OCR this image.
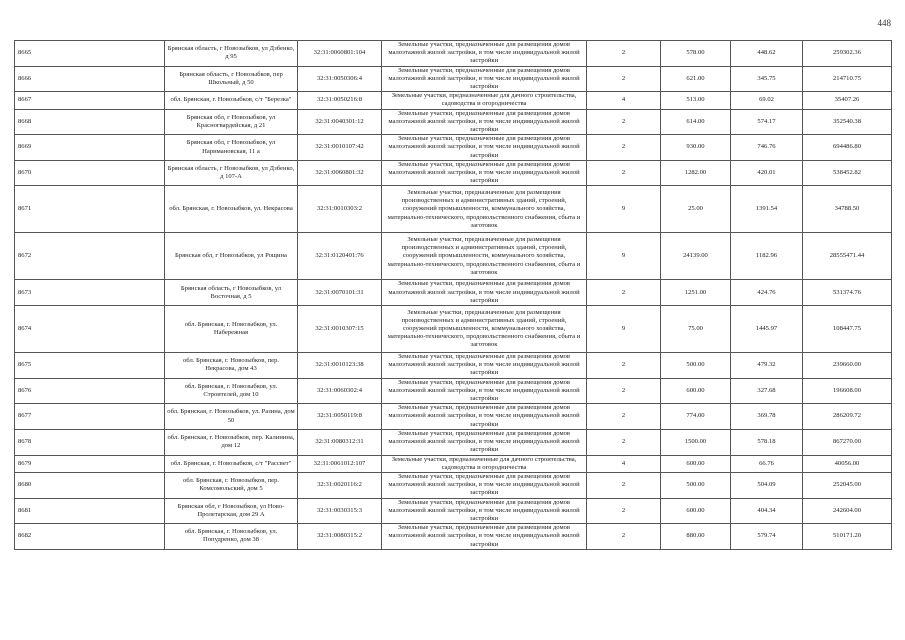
448
8665	Брянская область, г Новозыбков, ул Дзбенко, д 95	32:31:0060801:104	Земельные участки, предназначенные для размещения домов малоэтажной жилой застройки, в том числе индивидуальной жилой застройки	2	578.00	448.62	259302.36
8666	Брянская область, г Новозыбков, пер Школьный, д 50	32:31:0050306:4	Земельные участки, предназначенные для размещения домов малоэтажной жилой застройки, в том числе индивидуальной жилой застройки	2	621.00	345.75	214710.75
8667	обл. Брянская, г. Новозыбков, с/т "Березка"	32:31:0050216:8	Земельные участки, предназначенные для дачного строительства, садоводства и огородничества	4	513.00	69.02	35407.26
8668	Брянская обл, г Новозыбков, ул Красногвардейская, д 21	32:31:0040301:12	Земельные участки, предназначенные для размещения домов малоэтажной жилой застройки, в том числе индивидуальной жилой застройки	2	614.00	574.17	352540.38
8669	Брянская обл, г Новозыбков, ул Наримановская, 11 а	32:31:0010107:42	Земельные участки, предназначенные для размещения домов малоэтажной жилой застройки, в том числе индивидуальной жилой застройки	2	930.00	746.76	694486.80
8670	Брянская область, г Новозыбков, ул Дзбенко, д 107-А	32:31:0060801:32	Земельные участки, предназначенные для размещения домов малоэтажной жилой застройки, в том числе индивидуальной жилой застройки	2	1282.00	420.01	538452.82
8671	обл. Брянская, г. Новозыбков, ул. Некрасова	32:31:0010303:2	Земельные участки, предназначенные для размещения производственных и административных зданий, строений, сооружений промышленности, коммунального хозяйства, материально-технического, продовольственного снабжения, сбыта и заготовок	9	25.00	1391.54	34788.50
8672	Брянская обл, г Новозыбков, ул Рощина	32:31:0120401:76	Земельные участки, предназначенные для размещения производственных и административных зданий, строений, сооружений промышленности, коммунального хозяйства, материально-технического, продовольственного снабжения, сбыта и заготовок	9	24139.00	1182.96	28555471.44
8673	Брянская область, г Новозыбков, ул Восточная, д 5	32:31:0070101:31	Земельные участки, предназначенные для размещения домов малоэтажной жилой застройки, в том числе индивидуальной жилой застройки	2	1251.00	424.76	531374.76
8674	обл. Брянская, г. Новозыбков, ул. Набережная	32:31:0010307:15	Земельные участки, предназначенные для размещения производственных и административных зданий, строений, сооружений промышленности, коммунального хозяйства, материально-технического, продовольственного снабжения, сбыта и заготовок	9	75.00	1445.97	108447.75
8675	обл. Брянская, г. Новозыбков, пер. Некрасова, дом 43	32:31:0010123:38	Земельные участки, предназначенные для размещения домов малоэтажной жилой застройки, в том числе индивидуальной жилой застройки	2	500.00	479.32	239660.00
8676	обл. Брянская, г. Новозыбков, ул. Строителей, дом 10	32:31:0060302:4	Земельные участки, предназначенные для размещения домов малоэтажной жилой застройки, в том числе индивидуальной жилой застройки	2	600.00	327.68	196608.00
8677	обл. Брянская, г. Новозыбков, ул. Разина, дом 50	32:31:0050119:8	Земельные участки, предназначенные для размещения домов малоэтажной жилой застройки, в том числе индивидуальной жилой застройки	2	774.00	369.78	286209.72
8678	обл. Брянская, г. Новозыбков, пер. Калинина, дом 12	32:31:0080312:31	Земельные участки, предназначенные для размещения домов малоэтажной жилой застройки, в том числе индивидуальной жилой застройки	2	1500.00	578.18	867270.00
8679	обл. Брянская, г. Новозыбков, с/т "Рассвет"	32:31:0061012:107	Земельные участки, предназначенные для дачного строительства, садоводства и огородничества	4	600.00	66.76	40056.00
8680	обл. Брянская, г. Новозыбков, пер. Комсомольский, дом 5	32:31:0020116:2	Земельные участки, предназначенные для размещения домов малоэтажной жилой застройки, в том числе индивидуальной жилой застройки	2	500.00	504.09	252045.00
8681	Брянская обл, г Новозыбков, ул Ново-Пролетарская, дом 29 А	32:31:0030315:3	Земельные участки, предназначенные для размещения домов малоэтажной жилой застройки, в том числе индивидуальной жилой застройки	2	600.00	404.34	242604.00
8682	обл. Брянская, г. Новозыбков, ул. Попудренко, дом 38	32:31:0080315:2	Земельные участки, предназначенные для размещения домов малоэтажной жилой застройки, в том числе индивидуальной жилой застройки	2	880.00	579.74	510171.20
